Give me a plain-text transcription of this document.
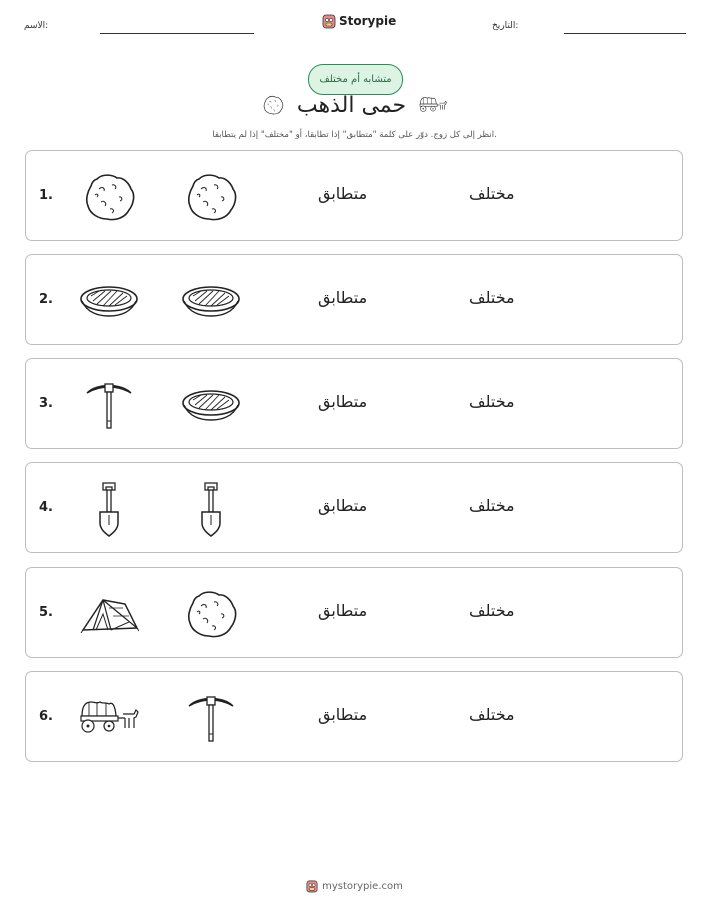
الاسم:	Storypie	التاريخ:
متشابه أم مختلف
حمى الذهب
انظر إلى كل زوج. دوّر على كلمة "متطابق" إذا تطابقا، أو "مختلف" إذا لم يتطابقا.
1.	متطابق	مختلف
2.	متطابق	مختلف
3.	متطابق	مختلف
4.	متطابق	مختلف
5.	متطابق	مختلف
6.	متطابق	مختلف
mystorypie.com
